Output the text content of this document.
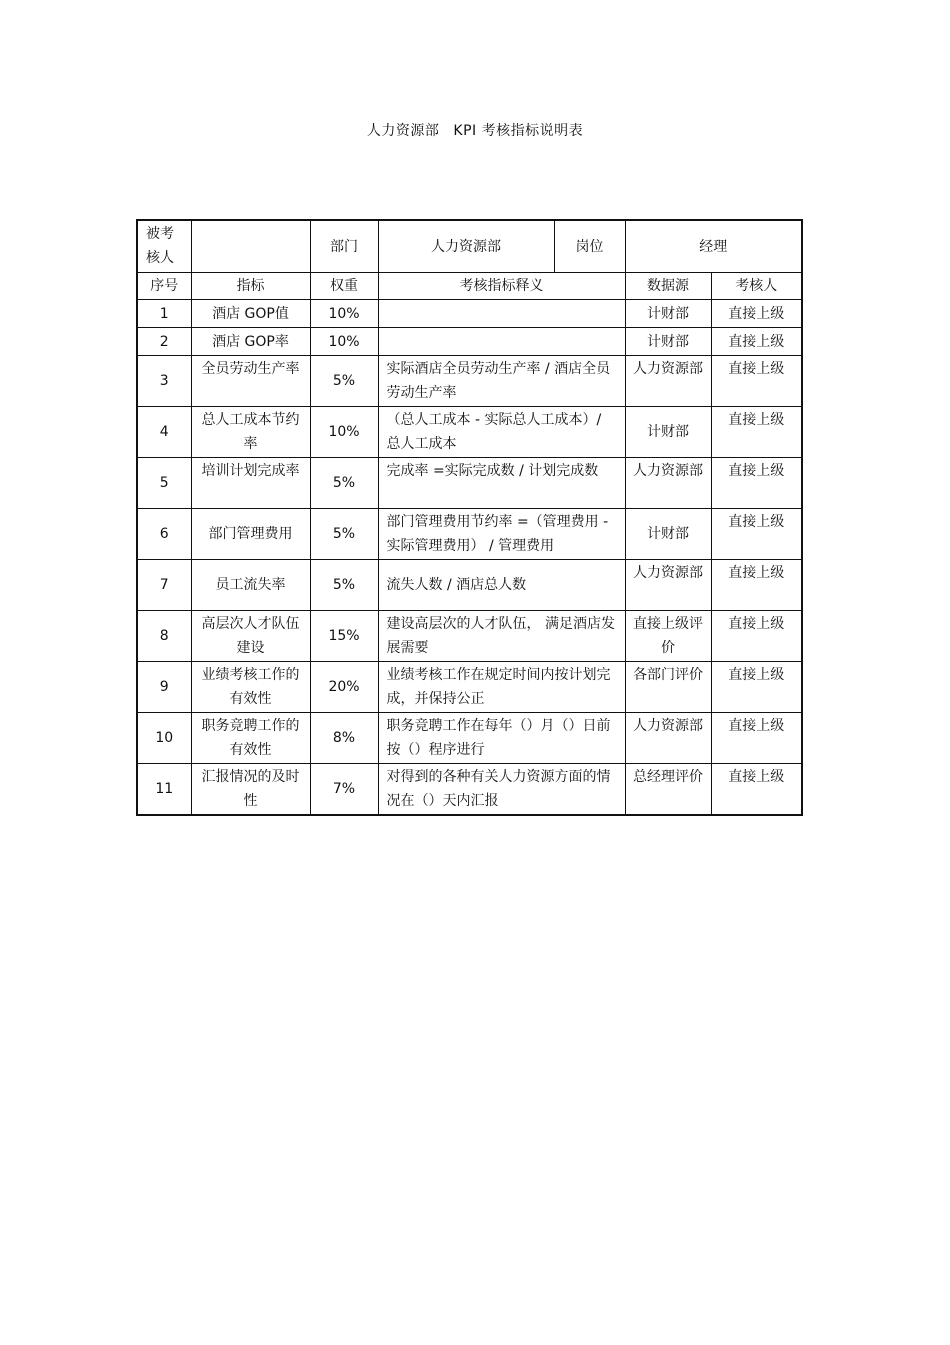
人力资源部 KPI 考核指标说明表
被考核人		部门	人力资源部	岗位	经理	
序号	指标	权重	考核指标释义		数据源	考核人
1	酒店 GOP值	10%			计财部	直接上级
2	酒店 GOP率	10%			计财部	直接上级
3	全员劳动生产率	5%	实际酒店全员劳动生产率 / 酒店全员劳动生产率		人力资源部	直接上级
4	总人工成本节约率	10%	（总人工成本 - 实际总人工成本）/ 总人工成本		计财部	直接上级
5	培训计划完成率	5%	完成率 =实际完成数 / 计划完成数		人力资源部	直接上级
6	部门管理费用	5%	部门管理费用节约率 =（管理费用 - 实际管理费用） / 管理费用		计财部	直接上级
7	员工流失率	5%	流失人数 / 酒店总人数		人力资源部	直接上级
8	高层次人才队伍建设	15%	建设高层次的人才队伍， 满足酒店发展需要		直接上级评价	直接上级
9	业绩考核工作的有效性	20%	业绩考核工作在规定时间内按计划完成，并保持公正		各部门评价	直接上级
10	职务竞聘工作的有效性	8%	职务竞聘工作在每年（）月（）日前按（）程序进行		人力资源部	直接上级
11	汇报情况的及时性	7%	对得到的各种有关人力资源方面的情况在（）天内汇报		总经理评价	直接上级
